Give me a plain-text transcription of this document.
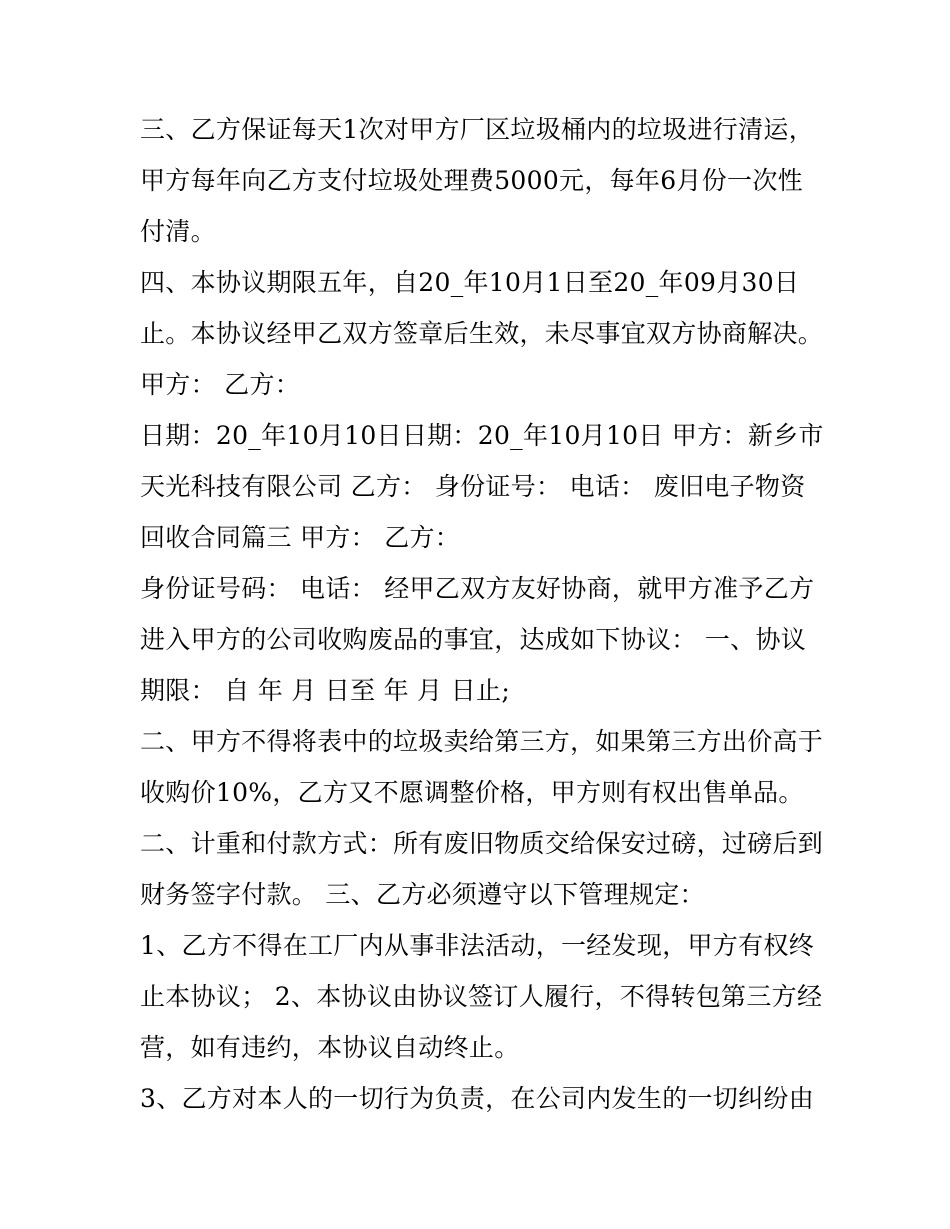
三、乙方保证每天1次对甲方厂区垃圾桶内的垃圾进行清运，
甲方每年向乙方支付垃圾处理费5000元，每年6月份一次性
付清。
四、本协议期限五年，自20_年10月1日至20_年09月30日
止。本协议经甲乙双方签章后生效，未尽事宜双方协商解决。
甲方： 乙方：
日期：20_年10月10日日期：20_年10月10日 甲方：新乡市
天光科技有限公司 乙方： 身份证号： 电话： 废旧电子物资
回收合同篇三 甲方： 乙方：
身份证号码： 电话： 经甲乙双方友好协商，就甲方准予乙方
进入甲方的公司收购废品的事宜，达成如下协议： 一、协议
期限： 自 年 月 日至 年 月 日止;
二、甲方不得将表中的垃圾卖给第三方，如果第三方出价高于
收购价10%，乙方又不愿调整价格，甲方则有权出售单品。
二、计重和付款方式：所有废旧物质交给保安过磅，过磅后到
财务签字付款。 三、乙方必须遵守以下管理规定：
1、乙方不得在工厂内从事非法活动，一经发现，甲方有权终
止本协议； 2、本协议由协议签订人履行，不得转包第三方经
营，如有违约，本协议自动终止。
3、乙方对本人的一切行为负责，在公司内发生的一切纠纷由
